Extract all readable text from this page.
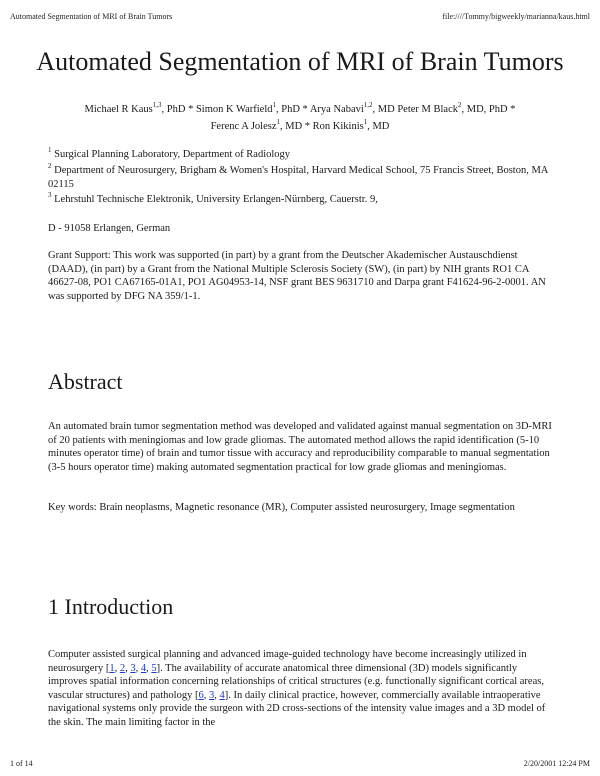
Automated Segmentation of MRI of Brain Tumors	file:////Tommy/bigweekly/marianna/kaus.html
Automated Segmentation of MRI of Brain Tumors
Michael R Kaus$^{1,3}$, PhD * Simon K Warfield$^1$, PhD * Arya Nabavi$^{1,2}$, MD Peter M Black$^2$, MD, PhD *
Ferenc A Jolesz$^1$, MD * Ron Kikinis$^1$, MD

$^1$ Surgical Planning Laboratory, Department of Radiology

$^2$ Department of Neurosurgery, Brigham & Women's Hospital, Harvard Medical School, 75 Francis Street, Boston, MA 02115

$^3$ Lehrstuhl Technische Elektronik, University Erlangen-Nürnberg, Cauerstr. 9,

D - 91058 Erlangen, German

Grant Support: This work was supported (in part) by a grant from the Deutscher Akademischer Austauschdienst (DAAD), (in part) by a Grant from the National Multiple Sclerosis Society (SW), (in part) by NIH grants RO1 CA 46627-08, PO1 CA67165-01A1, PO1 AG04953-14, NSF grant BES 9631710 and Darpa grant F41624-96-2-0001. AN was supported by DFG NA 359/1-1.

Abstract

An automated brain tumor segmentation method was developed and validated against manual segmentation on 3D-MRI of 20 patients with meningiomas and low grade gliomas. The automated method allows the rapid identification (5-10 minutes operator time) of brain and tumor tissue with accuracy and reproducibility comparable to manual segmentation (3-5 hours operator time) making automated segmentation practical for low grade gliomas and meningiomas.

Key words: Brain neoplasms, Magnetic resonance (MR), Computer assisted neurosurgery, Image segmentation

1 Introduction

Computer assisted surgical planning and advanced image-guided technology have become increasingly utilized in neurosurgery [1, 2, 3, 4, 5]. The availability of accurate anatomical three dimensional (3D) models significantly improves spatial information concerning relationships of critical structures (e.g. functionally significant cortical areas, vascular structures) and pathology [6, 3, 4]. In daily clinical practice, however, commercially available intraoperative navigational systems only provide the surgeon with 2D cross-sections of the intensity value images and a 3D model of the skin. The main limiting factor in the

1 of 14	2/20/2001 12:24 PM
